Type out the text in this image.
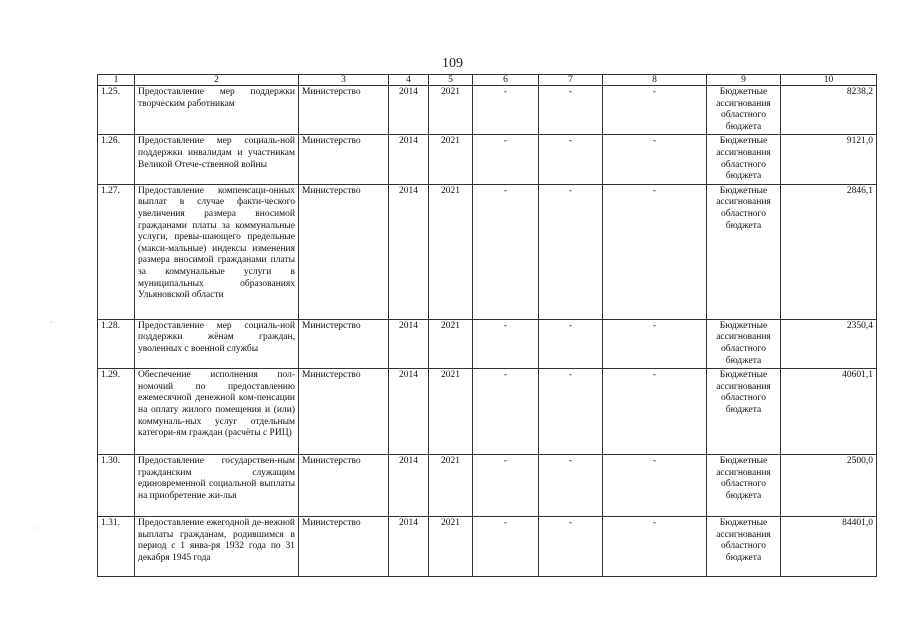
109
1	2	3	4	5	6	7	8	9	10
1.25.	Предоставление мер поддержки творческим работникам	Министерство	2014	2021	-	-	-	Бюджетные ассигнования областного бюджета	8238,2
1.26.	Предоставление мер социаль-ной поддержки инвалидам и участникам Великой Отече-ственной войны	Министерство	2014	2021	-	-	-	Бюджетные ассигнования областного бюджета	9121,0
1.27.	Предоставление компенсаци-онных выплат в случае факти-ческого увеличения размера вносимой гражданами платы за коммунальные услуги, превы-шающего предельные (макси-мальные) индексы изменения размера вносимой гражданами платы за коммунальные услуги в муниципальных образованиях Ульяновской области	Министерство	2014	2021	-	-	-	Бюджетные ассигнования областного бюджета	2846,1
1.28.	Предоставление мер социаль-ной поддержки жёнам граждан, уволенных с военной службы	Министерство	2014	2021	-	-	-	Бюджетные ассигнования областного бюджета	2350,4
1.29.	Обеспечение исполнения пол-номочий по предоставлению ежемесячной денежной ком-пенсации на оплату жилого помещения и (или) коммуналь-ных услуг отдельным категори-ям граждан (расчёты с РИЦ)	Министерство	2014	2021	-	-	-	Бюджетные ассигнования областного бюджета	40601,1
1.30.	Предоставление государствен-ным гражданским служащим единовременной социальной выплаты на приобретение жи-лья	Министерство	2014	2021	-	-	-	Бюджетные ассигнования областного бюджета	2500,0
1.31.	Предоставление ежегодной де-нежной выплаты гражданам, родившимся в период с 1 янва-ря 1932 года по 31 декабря 1945 года	Министерство	2014	2021	-	-	-	Бюджетные ассигнования областного бюджета	84401,0
·
·
